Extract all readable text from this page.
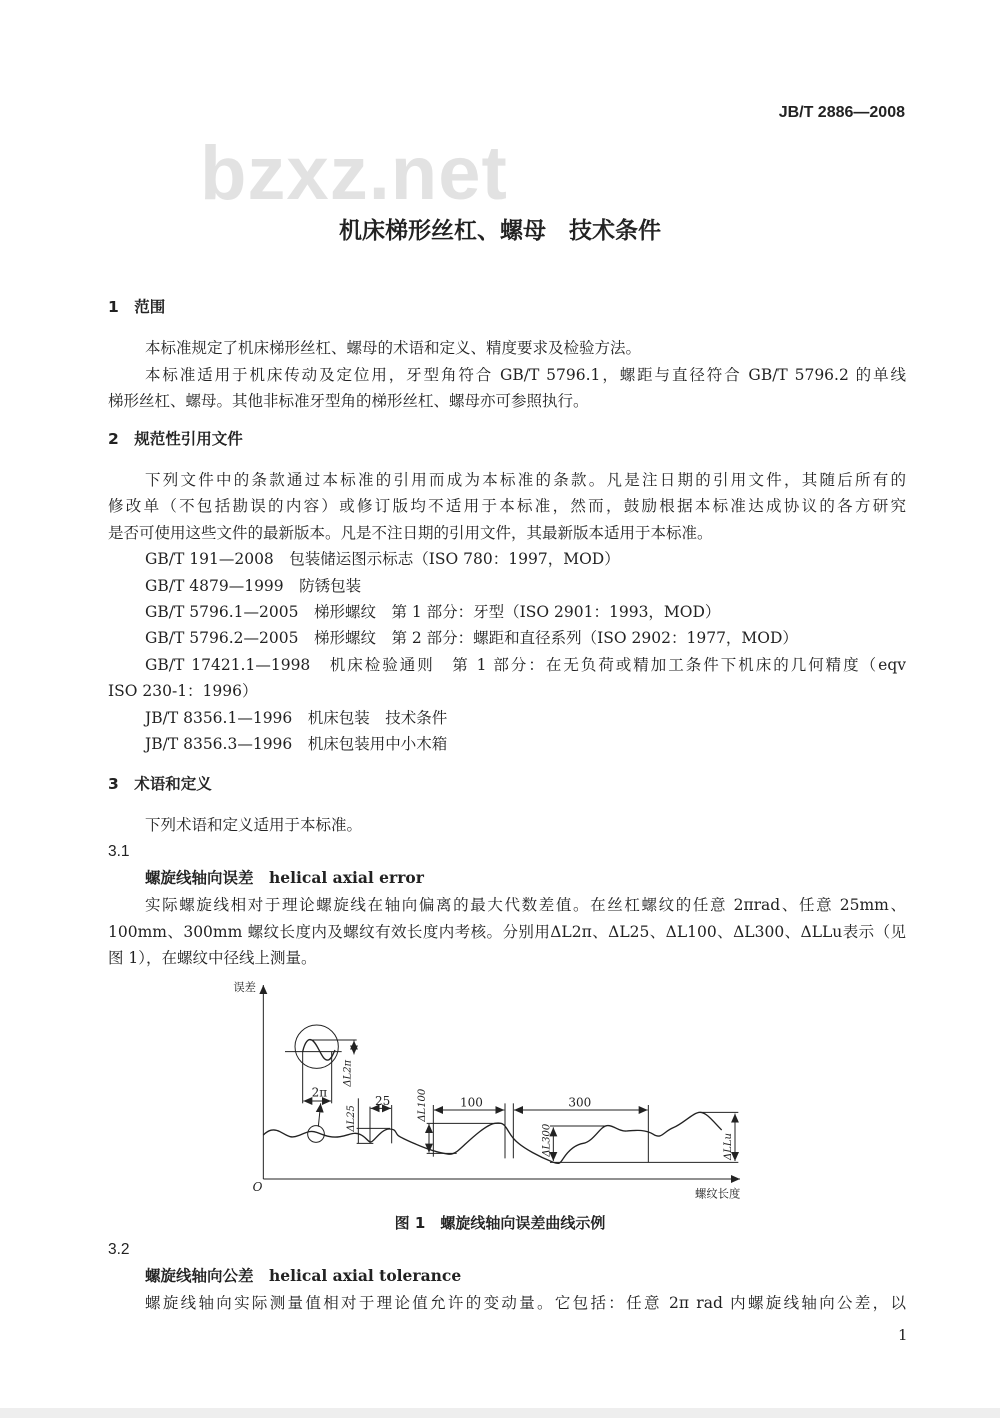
JB/T 2886—2008
bzxz.net
机床梯形丝杠、螺母　技术条件
1　范围
本标准规定了机床梯形丝杠、螺母的术语和定义、精度要求及检验方法。
本标准适用于机床传动及定位用，牙型角符合 GB/T 5796.1，螺距与直径符合 GB/T 5796.2 的单线
梯形丝杠、螺母。其他非标准牙型角的梯形丝杠、螺母亦可参照执行。
2　规范性引用文件
下列文件中的条款通过本标准的引用而成为本标准的条款。凡是注日期的引用文件，其随后所有的
修改单（不包括勘误的内容）或修订版均不适用于本标准，然而，鼓励根据本标准达成协议的各方研究
是否可使用这些文件的最新版本。凡是不注日期的引用文件，其最新版本适用于本标准。
GB/T 191—2008　包装储运图示标志（ISO 780：1997，MOD）
GB/T 4879—1999　防锈包装
GB/T 5796.1—2005　梯形螺纹　第 1 部分：牙型（ISO 2901：1993，MOD）
GB/T 5796.2—2005　梯形螺纹　第 2 部分：螺距和直径系列（ISO 2902：1977，MOD）
GB/T 17421.1—1998　机床检验通则　第 1 部分：在无负荷或精加工条件下机床的几何精度（eqv
ISO 230-1：1996）
JB/T 8356.1—1996　机床包装　技术条件
JB/T 8356.3—1996　机床包装用中小木箱
3　术语和定义
下列术语和定义适用于本标准。
3.1
螺旋线轴向误差　helical axial error
实际螺旋线相对于理论螺旋线在轴向偏离的最大代数差值。在丝杠螺纹的任意 2πrad、任意 25mm、
100mm、300mm 螺纹长度内及螺纹有效长度内考核。分别用ΔL2π、ΔL25、ΔL100、ΔL300、ΔLLu表示（见
图 1），在螺纹中径线上测量。
误差
O	螺纹长度
2π
25 100 300
ΔL2π
ΔL25 ΔL100
ΔL300	ΔLLu
图 1　螺旋线轴向误差曲线示例
3.2
螺旋线轴向公差　helical axial tolerance
螺旋线轴向实际测量值相对于理论值允许的变动量。它包括：任意 2π rad 内螺旋线轴向公差，以
1
